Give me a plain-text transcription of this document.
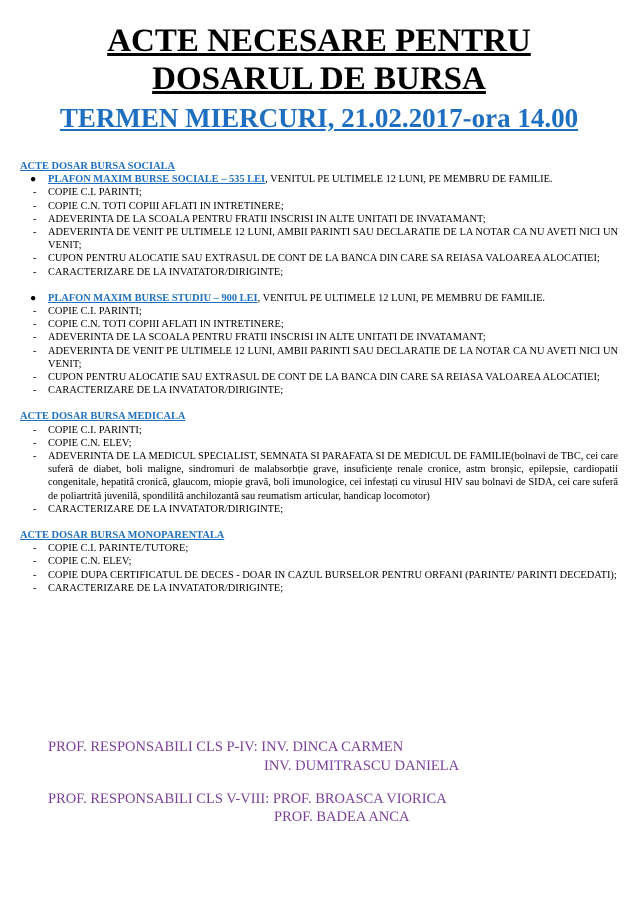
ACTE NECESARE PENTRU
DOSARUL DE BURSA
TERMEN MIERCURI, 21.02.2017-ora 14.00
ACTE DOSAR BURSA SOCIALA
● PLAFON MAXIM BURSE SOCIALE – 535 LEI, VENITUL PE ULTIMELE 12 LUNI, PE MEMBRU DE FAMILIE.
- COPIE C.I. PARINTI;
- COPIE C.N. TOTI COPIII AFLATI IN INTRETINERE;
- ADEVERINTA DE LA SCOALA PENTRU FRATII INSCRISI IN ALTE UNITATI DE INVATAMANT;
- ADEVERINTA DE VENIT PE ULTIMELE 12 LUNI, AMBII PARINTI SAU DECLARATIE DE LA NOTAR CA NU AVETI NICI UN VENIT;
- CUPON PENTRU ALOCATIE SAU EXTRASUL DE CONT DE LA BANCA DIN CARE SA REIASA VALOAREA ALOCATIEI;
- CARACTERIZARE DE LA INVATATOR/DIRIGINTE;
● PLAFON MAXIM BURSE STUDIU – 900 LEI, VENITUL PE ULTIMELE 12 LUNI, PE MEMBRU DE FAMILIE.
- COPIE C.I. PARINTI;
- COPIE C.N. TOTI COPIII AFLATI IN INTRETINERE;
- ADEVERINTA DE LA SCOALA PENTRU FRATII INSCRISI IN ALTE UNITATI DE INVATAMANT;
- ADEVERINTA DE VENIT PE ULTIMELE 12 LUNI, AMBII PARINTI SAU DECLARATIE DE LA NOTAR CA NU AVETI NICI UN VENIT;
- CUPON PENTRU ALOCATIE SAU EXTRASUL DE CONT DE LA BANCA DIN CARE SA REIASA VALOAREA ALOCATIEI;
- CARACTERIZARE DE LA INVATATOR/DIRIGINTE;
ACTE DOSAR BURSA MEDICALA
- COPIE C.I. PARINTI;
- COPIE C.N. ELEV;
- ADEVERINTA DE LA MEDICUL SPECIALIST, SEMNATA SI PARAFATA SI DE MEDICUL DE FAMILIE(bolnavi de TBC, cei care suferă de diabet, boli maligne, sindromuri de malabsorbție grave, insuficiențe renale cronice, astm bronșic, epilepsie, cardiopatii congenitale, hepatită cronică, glaucom, miopie gravă, boli imunologice, cei infestați cu virusul HIV sau bolnavi de SIDA, cei care suferă de poliartrită juvenilă, spondilită anchilozantă sau reumatism articular, handicap locomotor)
- CARACTERIZARE DE LA INVATATOR/DIRIGINTE;
ACTE DOSAR BURSA MONOPARENTALA
- COPIE C.I. PARINTE/TUTORE;
- COPIE C.N. ELEV;
- COPIE DUPA CERTIFICATUL DE DECES - DOAR IN CAZUL BURSELOR PENTRU ORFANI (PARINTE/ PARINTI DECEDATI);
- CARACTERIZARE DE LA INVATATOR/DIRIGINTE;
PROF. RESPONSABILI CLS P-IV: INV. DINCA CARMEN
INV. DUMITRASCU DANIELA
PROF. RESPONSABILI CLS V-VIII: PROF. BROASCA VIORICA
PROF. BADEA ANCA
